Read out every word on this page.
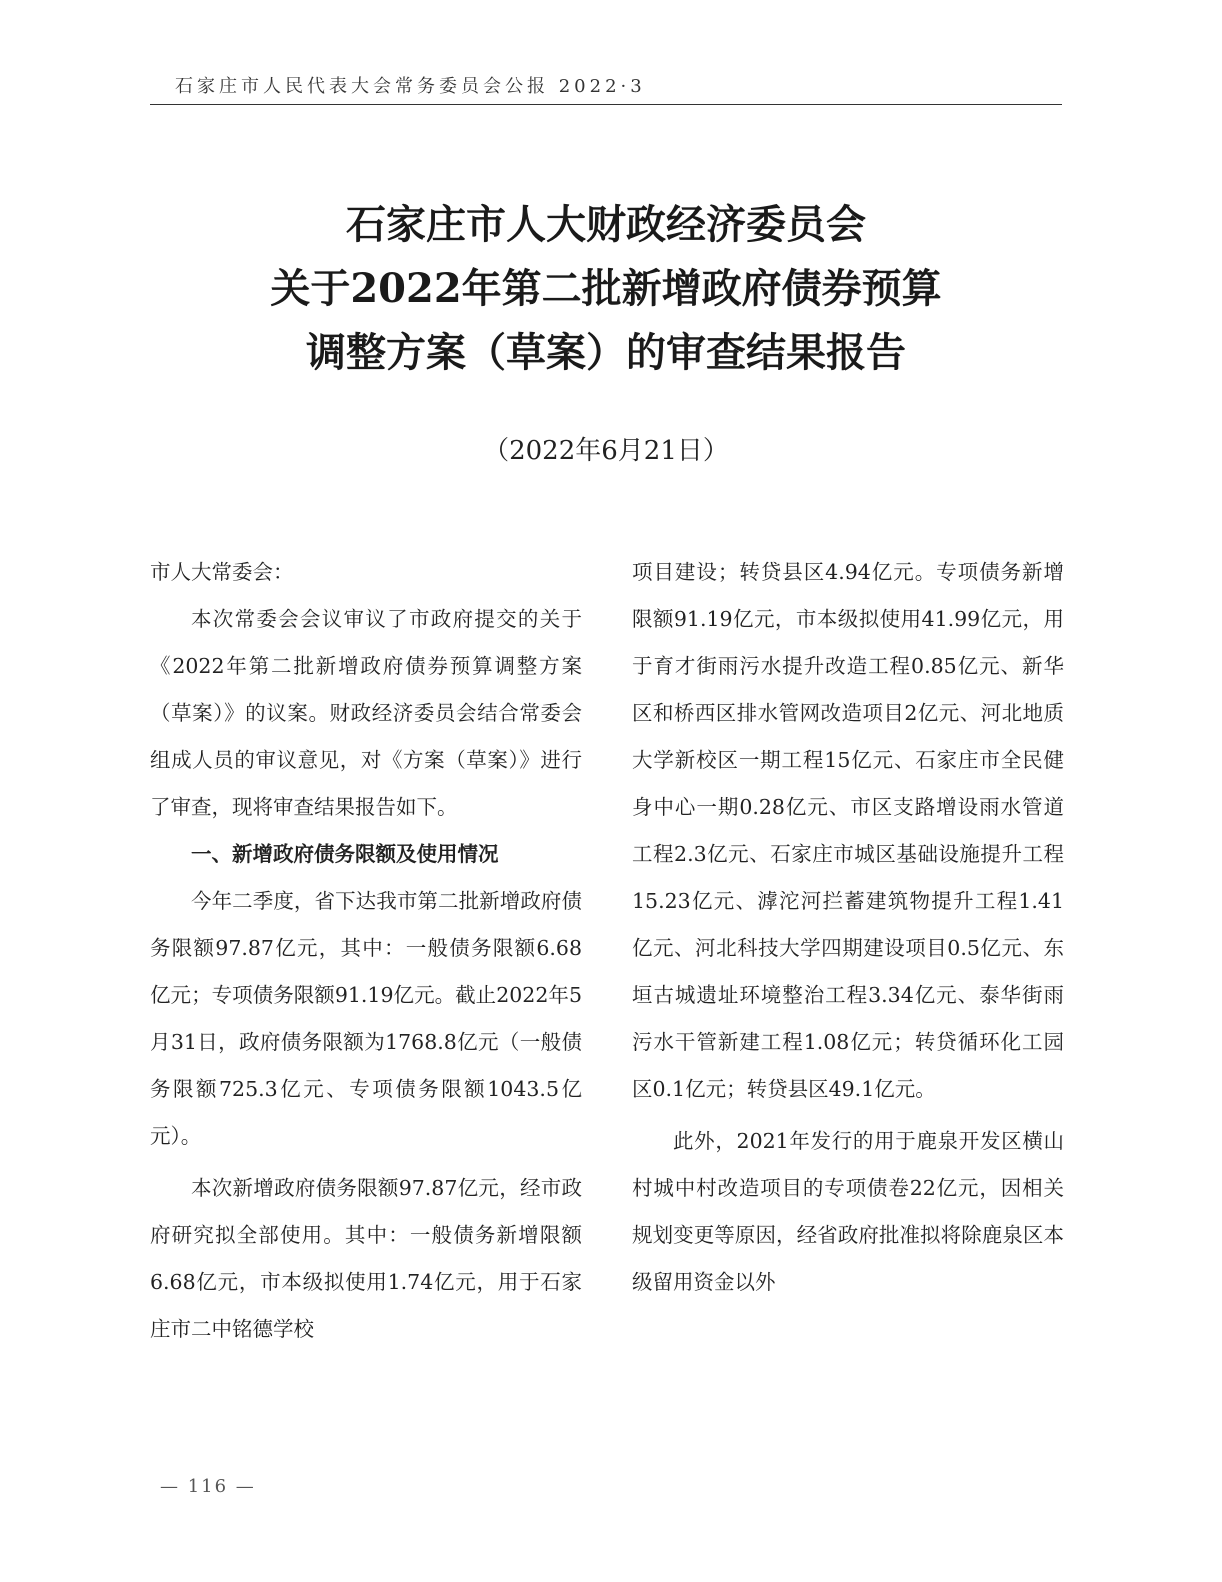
石家庄市人民代表大会常务委员会公报 2022·3
石家庄市人大财政经济委员会
关于2022年第二批新增政府债券预算
调整方案（草案）的审查结果报告
（2022年6月21日）

市人大常委会：

本次常委会会议审议了市政府提交的关于《2022年第二批新增政府债券预算调整方案（草案）》的议案。财政经济委员会结合常委会组成人员的审议意见，对《方案（草案）》进行了审查，现将审查结果报告如下。

一、新增政府债务限额及使用情况

今年二季度，省下达我市第二批新增政府债务限额97.87亿元，其中：一般债务限额6.68亿元；专项债务限额91.19亿元。截止2022年5月31日，政府债务限额为1768.8亿元（一般债务限额725.3亿元、专项债务限额1043.5亿元）。

本次新增政府债务限额97.87亿元，经市政府研究拟全部使用。其中：一般债务新增限额6.68亿元，市本级拟使用1.74亿元，用于石家庄市二中铭德学校

项目建设；转贷县区4.94亿元。专项债务新增限额91.19亿元，市本级拟使用41.99亿元，用于育才街雨污水提升改造工程0.85亿元、新华区和桥西区排水管网改造项目2亿元、河北地质大学新校区一期工程15亿元、石家庄市全民健身中心一期0.28亿元、市区支路增设雨水管道工程2.3亿元、石家庄市城区基础设施提升工程15.23亿元、滹沱河拦蓄建筑物提升工程1.41亿元、河北科技大学四期建设项目0.5亿元、东垣古城遗址环境整治工程3.34亿元、泰华街雨污水干管新建工程1.08亿元；转贷循环化工园区0.1亿元；转贷县区49.1亿元。

此外，2021年发行的用于鹿泉开发区横山村城中村改造项目的专项债卷22亿元，因相关规划变更等原因，经省政府批准拟将除鹿泉区本级留用资金以外

— 116 —
